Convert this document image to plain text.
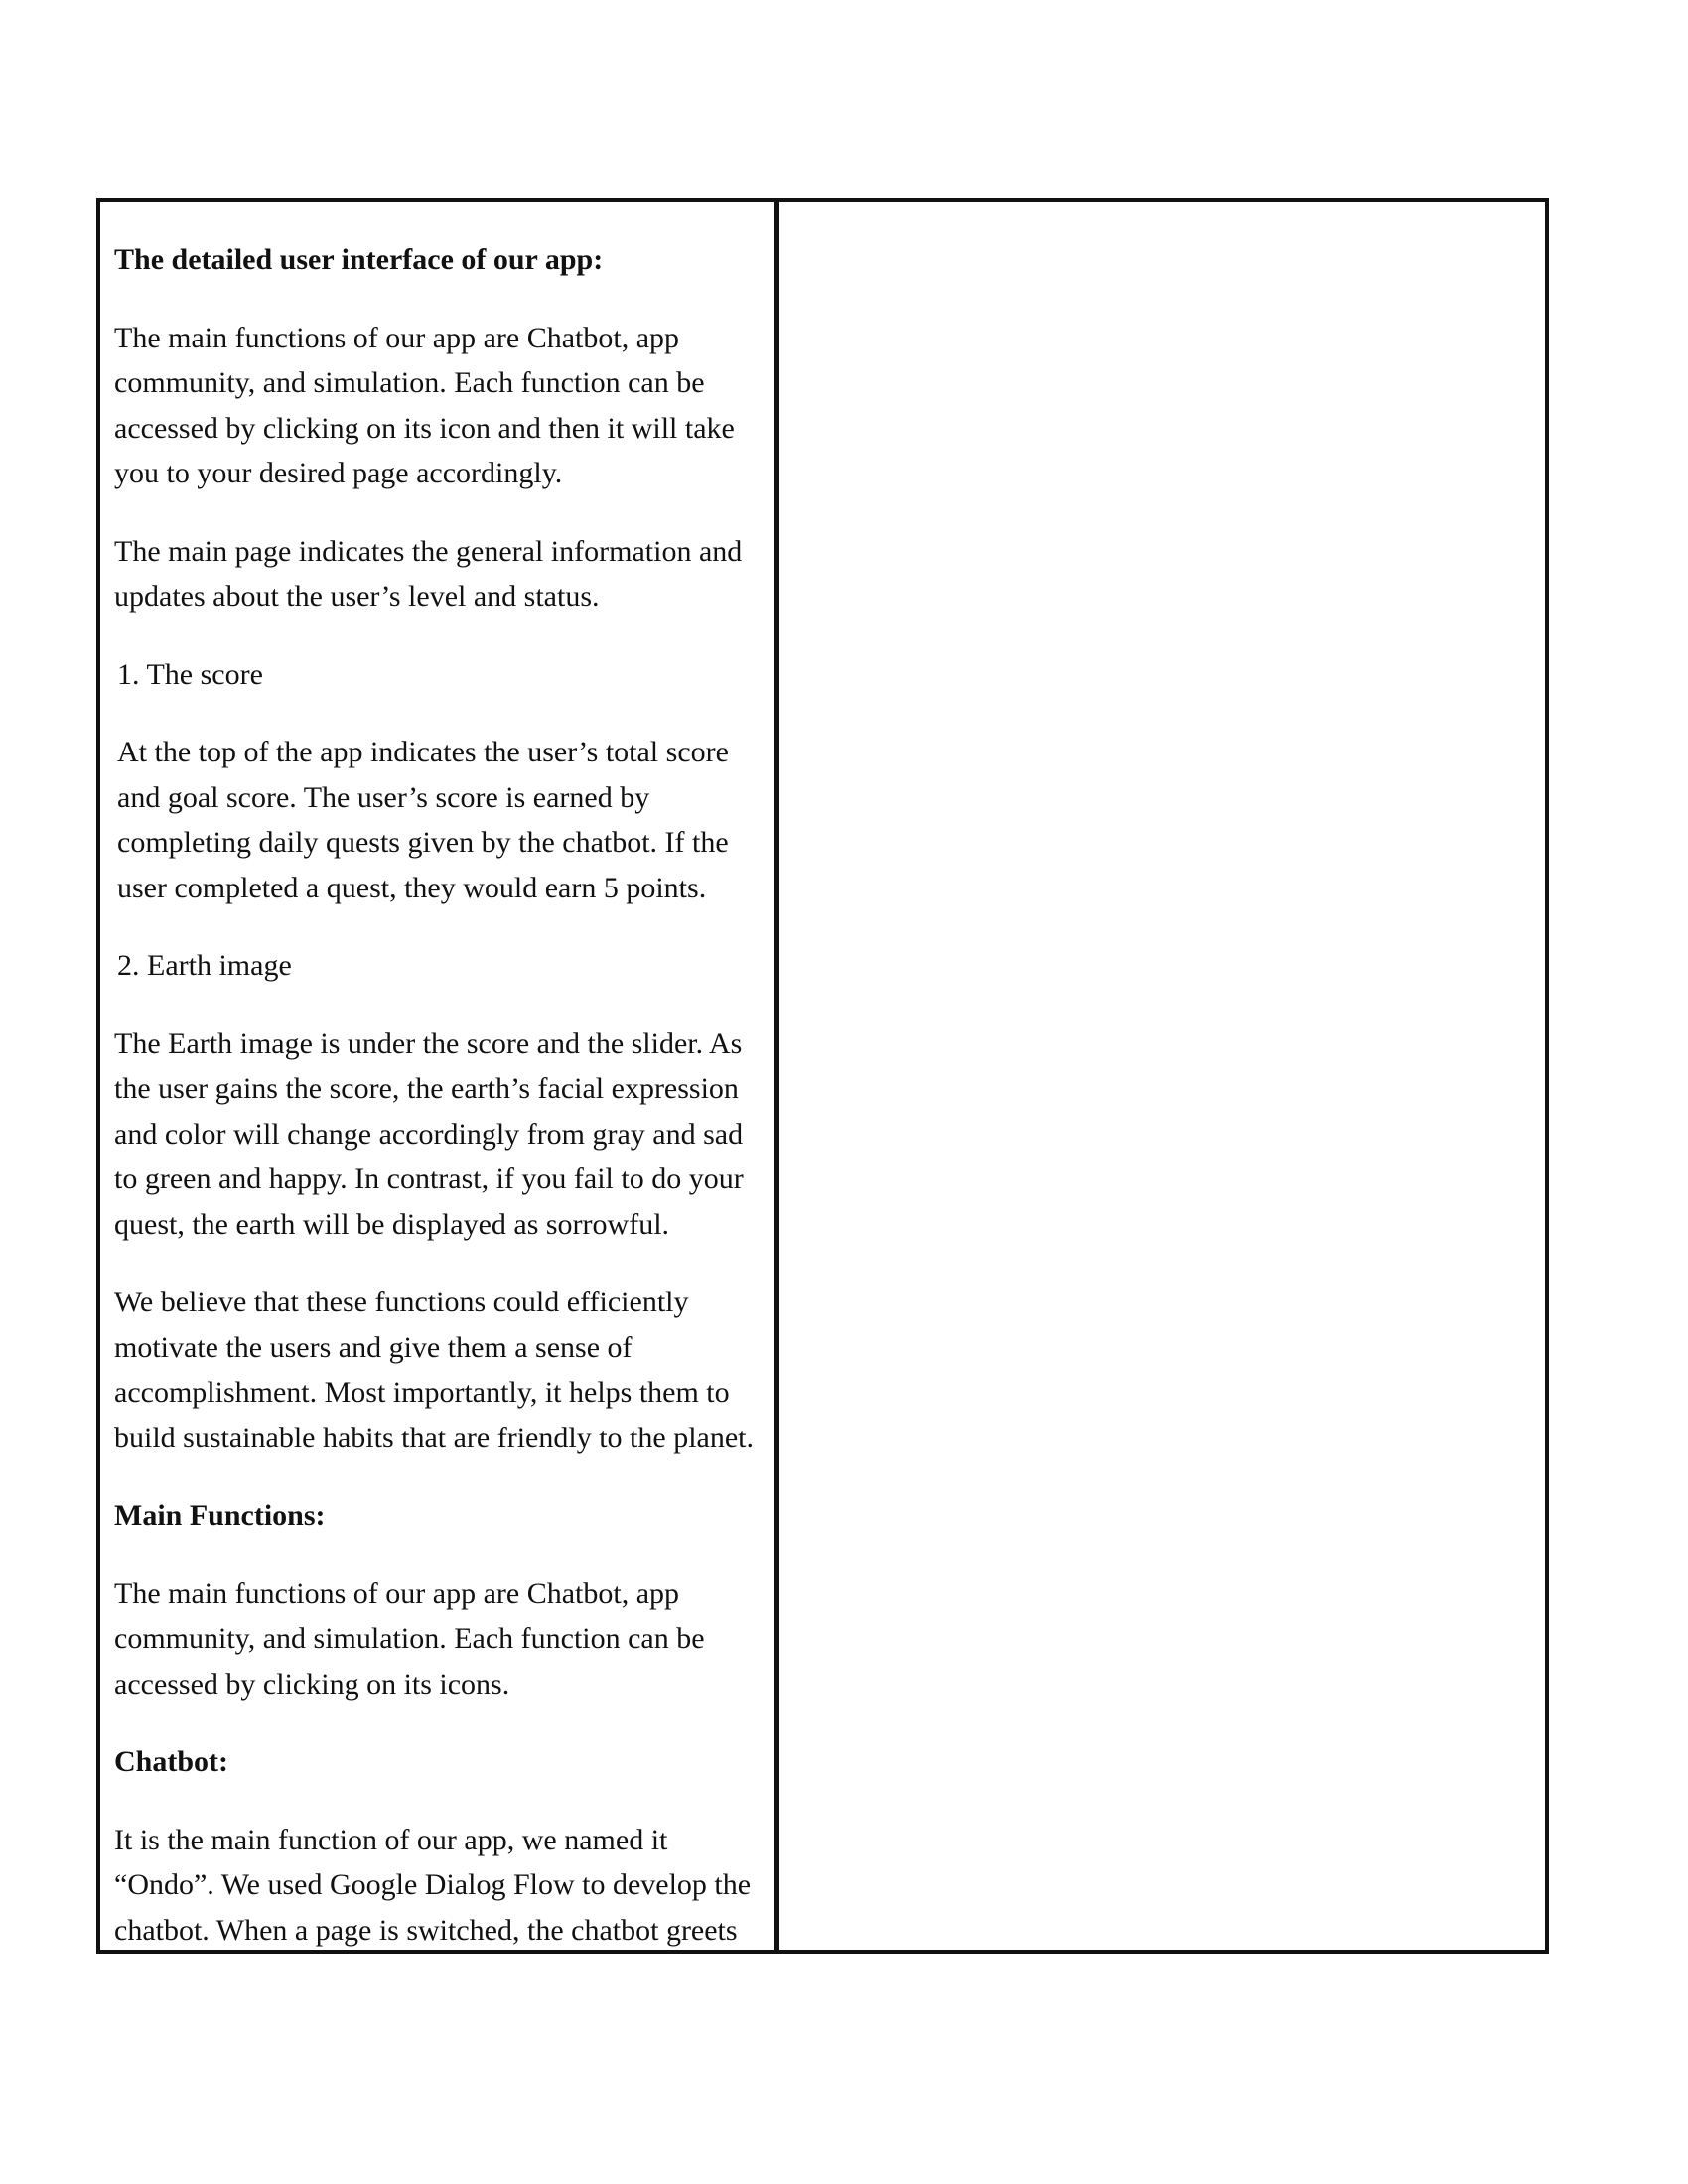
The detailed user interface of our app:
The main functions of our app are Chatbot, app community, and simulation. Each function can be accessed by clicking on its icon and then it will take you to your desired page accordingly.
The main page indicates the general information and updates about the user’s level and status.
1. The score
At the top of the app indicates the user’s total score and goal score. The user’s score is earned by completing daily quests given by the chatbot. If the user completed a quest, they would earn 5 points.
2. Earth image
The Earth image is under the score and the slider. As the user gains the score, the earth’s facial expression and color will change accordingly from gray and sad to green and happy. In contrast, if you fail to do your quest, the earth will be displayed as sorrowful.
We believe that these functions could efficiently motivate the users and give them a sense of accomplishment. Most importantly, it helps them to build sustainable habits that are friendly to the planet.
Main Functions:
The main functions of our app are Chatbot, app community, and simulation. Each function can be accessed by clicking on its icons.
Chatbot:
It is the main function of our app, we named it “Ondo”. We used Google Dialog Flow to develop the chatbot. When a page is switched, the chatbot greets
